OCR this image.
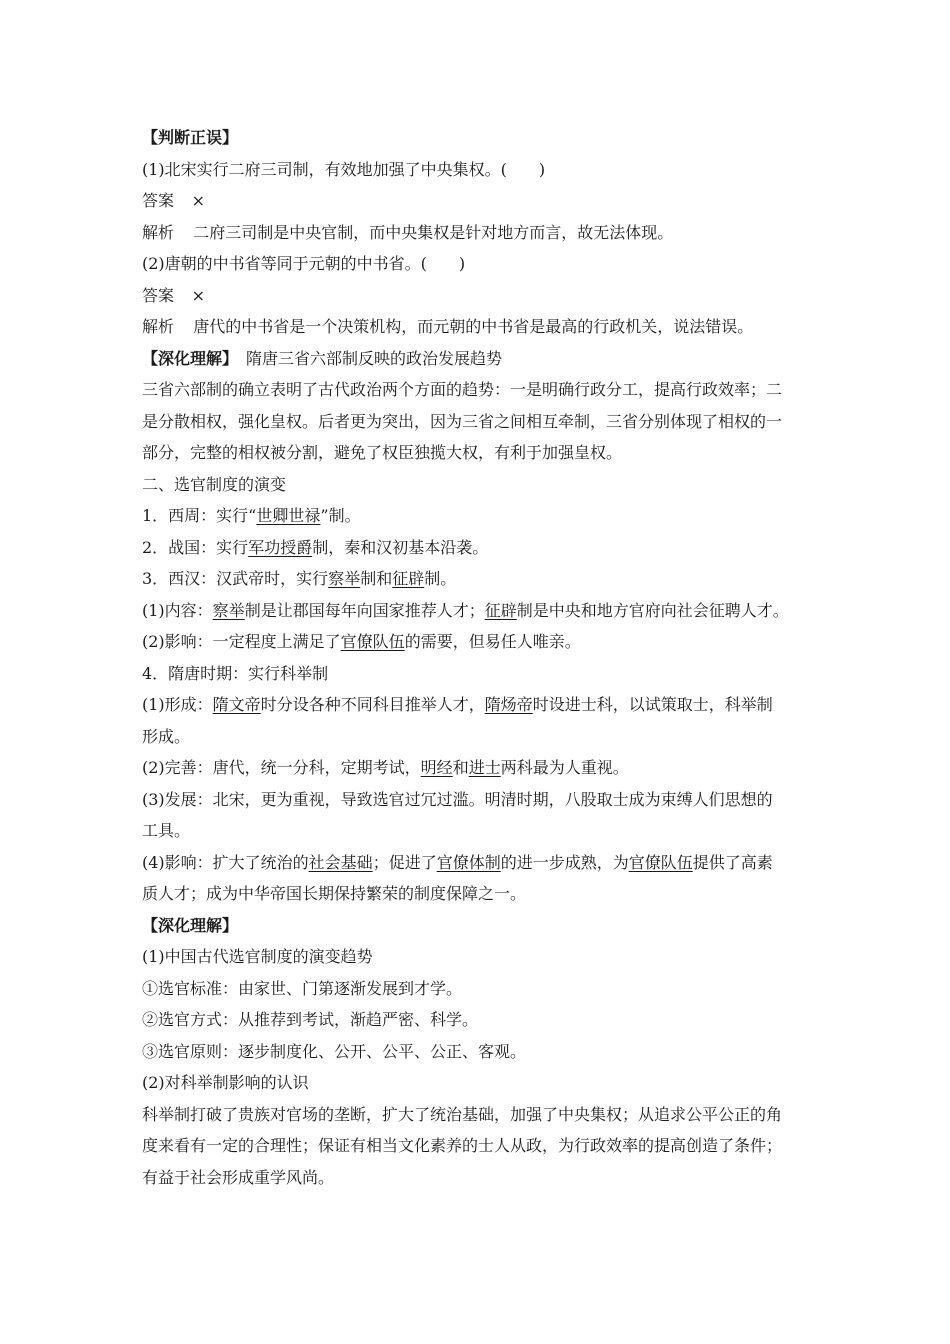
【判断正误】
(1)北宋实行二府三司制，有效地加强了中央集权。(　　)
答案 ×
解析 二府三司制是中央官制，而中央集权是针对地方而言，故无法体现。
(2)唐朝的中书省等同于元朝的中书省。(　　)
答案 ×
解析 唐代的中书省是一个决策机构，而元朝的中书省是最高的行政机关，说法错误。
【深化理解】 隋唐三省六部制反映的政治发展趋势
三省六部制的确立表明了古代政治两个方面的趋势：一是明确行政分工，提高行政效率；二
是分散相权，强化皇权。后者更为突出，因为三省之间相互牵制，三省分别体现了相权的一
部分，完整的相权被分割，避免了权臣独揽大权，有利于加强皇权。
二、选官制度的演变
1．西周：实行“世卿世禄”制。
2．战国：实行军功授爵制，秦和汉初基本沿袭。
3．西汉：汉武帝时，实行察举制和征辟制。
(1)内容：察举制是让郡国每年向国家推荐人才；征辟制是中央和地方官府向社会征聘人才。
(2)影响：一定程度上满足了官僚队伍的需要，但易任人唯亲。
4．隋唐时期：实行科举制
(1)形成：隋文帝时分设各种不同科目推举人才，隋炀帝时设进士科，以试策取士，科举制
形成。
(2)完善：唐代，统一分科，定期考试，明经和进士两科最为人重视。
(3)发展：北宋，更为重视，导致选官过冗过滥。明清时期，八股取士成为束缚人们思想的
工具。
(4)影响：扩大了统治的社会基础；促进了官僚体制的进一步成熟，为官僚队伍提供了高素
质人才；成为中华帝国长期保持繁荣的制度保障之一。
【深化理解】
(1)中国古代选官制度的演变趋势
①选官标准：由家世、门第逐渐发展到才学。
②选官方式：从推荐到考试，渐趋严密、科学。
③选官原则：逐步制度化、公开、公平、公正、客观。
(2)对科举制影响的认识
科举制打破了贵族对官场的垄断，扩大了统治基础，加强了中央集权；从追求公平公正的角
度来看有一定的合理性；保证有相当文化素养的士人从政，为行政效率的提高创造了条件；
有益于社会形成重学风尚。
